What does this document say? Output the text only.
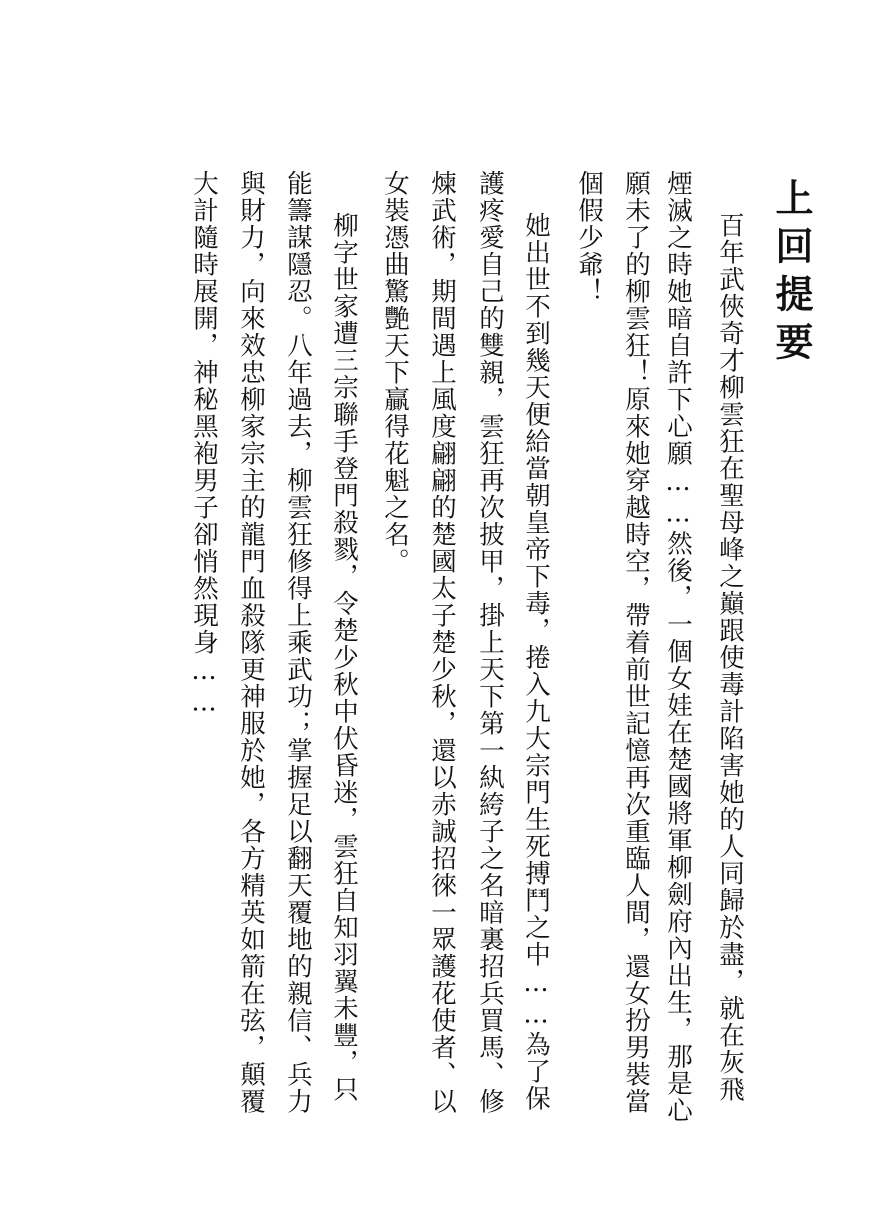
上回提要
百年武俠奇才柳雲狂在聖母峰之巔跟使毒計陷害她的人同歸於盡，就在灰飛
煙滅之時她暗自許下心願……然後，一個女娃在楚國將軍柳劍府內出生，那是心
願未了的柳雲狂！原來她穿越時空，帶着前世記憶再次重臨人間，還女扮男裝當
個假少爺！
她出世不到幾天便給當朝皇帝下毒，捲入九大宗門生死搏鬥之中……為了保
護疼愛自己的雙親，雲狂再次披甲，掛上天下第一紈絝子之名暗裏招兵買馬、修
煉武術，期間遇上風度翩翩的楚國太子楚少秋，還以赤誠招徠一眾護花使者、以
女裝憑曲驚艷天下贏得花魁之名。
柳字世家遭三宗聯手登門殺戮，令楚少秋中伏昏迷，雲狂自知羽翼未豐，只
能籌謀隱忍。八年過去，柳雲狂修得上乘武功；掌握足以翻天覆地的親信、兵力
與財力，向來效忠柳家宗主的龍門血殺隊更神服於她，各方精英如箭在弦，顛覆
大計隨時展開，神秘黑袍男子卻悄然現身……
